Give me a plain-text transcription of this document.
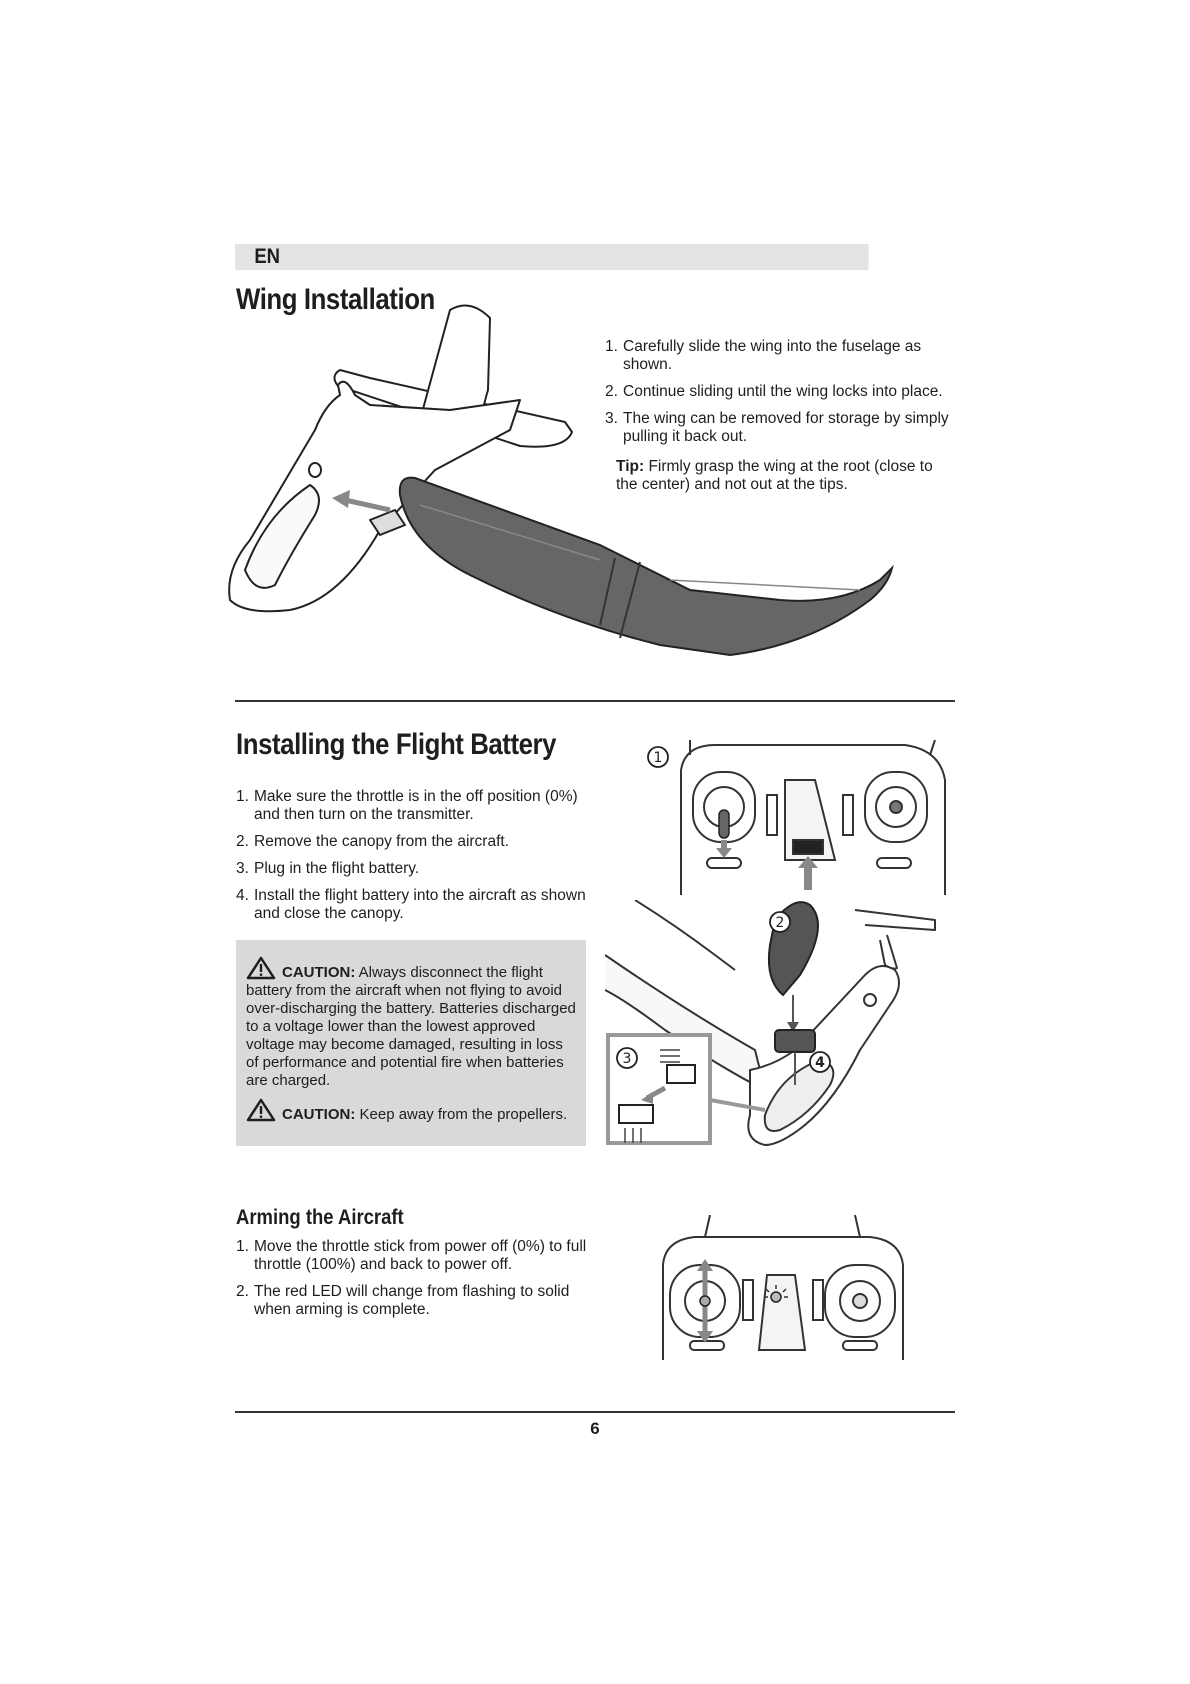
EN
Wing Installation
1. Carefully slide the wing into the fuselage as shown.
2. Continue sliding until the wing locks into place.
3. The wing can be removed for storage by simply pulling it back out.
Tip: Firmly grasp the wing at the root (close to the center) and not out at the tips.
Installing the Flight Battery
1. Make sure the throttle is in the off position (0%) and then turn on the transmitter.
2. Remove the canopy from the aircraft.
3. Plug in the flight battery.
4. Install the flight battery into the aircraft as shown and close the canopy.
CAUTION: Always disconnect the flight battery from the aircraft when not flying to avoid over-discharging the battery. Batteries discharged to a voltage lower than the lowest approved voltage may become damaged, resulting in loss of performance and potential fire when batteries are charged.
CAUTION: Keep away from the propellers.
1
2
3	4
Arming the Aircraft
1. Move the throttle stick from power off (0%) to full throttle (100%) and back to power off.
2. The red LED will change from flashing to solid when arming is complete.
6
